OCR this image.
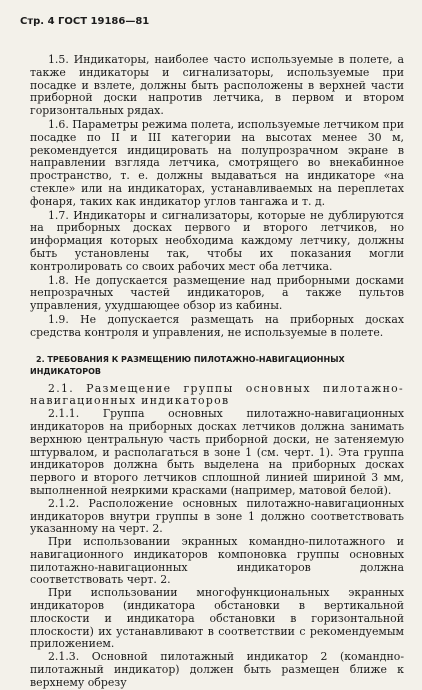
Стр. 4 ГОСТ 19186—81

1.5. Индикаторы, наиболее часто используемые в полете, а также индикаторы и сигнализаторы, используемые при посадке и взлете, должны быть расположены в верхней части приборной доски напротив летчика, в первом и втором горизонтальных рядах.

1.6. Параметры режима полета, используемые летчиком при посадке по II и III категории на высотах менее 30 м, рекомендуется индицировать на полупрозрачном экране в направлении взгляда летчика, смотрящего во внекабинное пространство, т. е. должны выдаваться на индикаторе «на стекле» или на индикаторах, устанавливаемых на переплетах фонаря, таких как индикатор углов тангажа и т. д.

1.7. Индикаторы и сигнализаторы, которые не дублируются на приборных досках первого и второго летчиков, но информация которых необходима каждому летчику, должны быть установлены так, чтобы их показания могли контролировать со своих рабочих мест оба летчика.

1.8. Не допускается размещение над приборными досками непрозрачных частей индикаторов, а также пультов управления, ухудшающее обзор из кабины.

1.9. Не допускается размещать на приборных досках средства контроля и управления, не используемые в полете.

2. ТРЕБОВАНИЯ К РАЗМЕЩЕНИЮ ПИЛОТАЖНО-НАВИГАЦИОННЫХ ИНДИКАТОРОВ

2.1. Размещение группы основных пилотажно-навигационных индикаторов

2.1.1. Группа основных пилотажно-навигационных индикаторов на приборных досках летчиков должна занимать верхнюю центральную часть приборной доски, не затеняемую штурвалом, и располагаться в зоне 1 (см. черт. 1). Эта группа индикаторов должна быть выделена на приборных досках первого и второго летчиков сплошной линией шириной 3 мм, выполненной неяркими красками (например, матовой белой).

2.1.2. Расположение основных пилотажно-навигационных индикаторов внутри группы в зоне 1 должно соответствовать указанному на черт. 2.

При использовании экранных командно-пилотажного и навигационного индикаторов компоновка группы основных пилотажно-навигационных индикаторов должна соответствовать черт. 2.

При использовании многофункциональных экранных индикаторов (индикатора обстановки в вертикальной плоскости и индикатора обстановки в горизонтальной плоскости) их устанавливают в соответствии с рекомендуемым приложением.

2.1.3. Основной пилотажный индикатор 2 (командно-пилотажный индикатор) должен быть размещен ближе к верхнему обрезу
